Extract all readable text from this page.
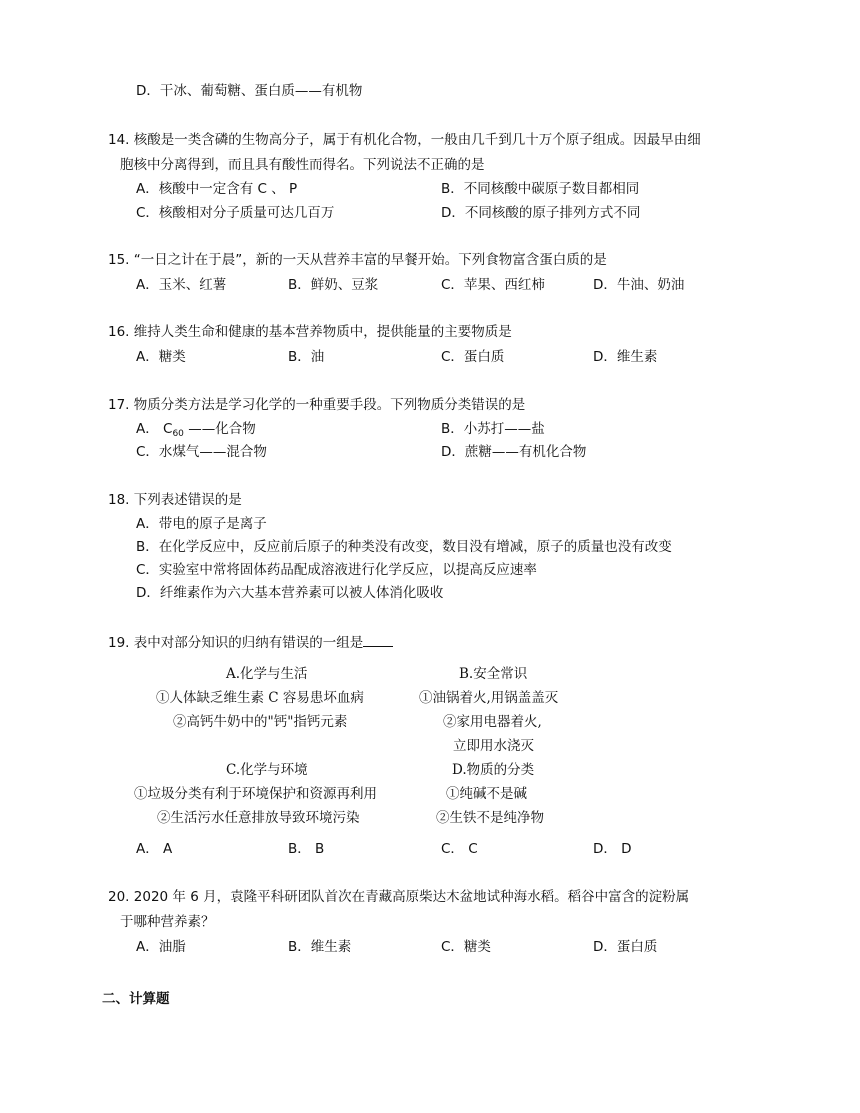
D．干冰、葡萄糖、蛋白质——有机物
14. 核酸是一类含磷的生物高分子，属于有机化合物，一般由几千到几十万个原子组成。因最早由细
胞核中分离得到，而且具有酸性而得名。下列说法不正确的是
A．核酸中一定含有 C 、 P	B．不同核酸中碳原子数目都相同
C．核酸相对分子质量可达几百万	D．不同核酸的原子排列方式不同
15. “一日之计在于晨”，新的一天从营养丰富的早餐开始。下列食物富含蛋白质的是
A．玉米、红薯	B．鲜奶、豆浆	C．苹果、西红柿	D．牛油、奶油
16. 维持人类生命和健康的基本营养物质中，提供能量的主要物质是
A．糖类	B．油	C．蛋白质	D．维生素
17. 物质分类方法是学习化学的一种重要手段。下列物质分类错误的是
A． $C_{60}$ ——化合物	B．小苏打——盐
C．水煤气——混合物	D．蔗糖——有机化合物
18. 下列表述错误的是
A．带电的原子是离子
B．在化学反应中，反应前后原子的种类没有改变，数目没有增减，原子的质量也没有改变
C．实验室中常将固体药品配成溶液进行化学反应，以提高反应速率
D．纤维素作为六大基本营养素可以被人体消化吸收
19. 表中对部分知识的归纳有错误的一组是
A.化学与生活
①人体缺乏维生素 C 容易患坏血病
②高钙牛奶中的"钙"指钙元素
B.安全常识
①油锅着火,用锅盖盖灭
②家用电器着火,
立即用水浇灭
C.化学与环境
①垃圾分类有利于环境保护和资源再利用
②生活污水任意排放导致环境污染
D.物质的分类
①纯碱不是碱
②生铁不是纯净物
A． A	B． B	C． C	D． D
20. 2020 年 6 月，袁隆平科研团队首次在青藏高原柴达木盆地试种海水稻。稻谷中富含的淀粉属
于哪种营养素？
A．油脂	B．维生素	C．糖类	D．蛋白质
二、计算题
